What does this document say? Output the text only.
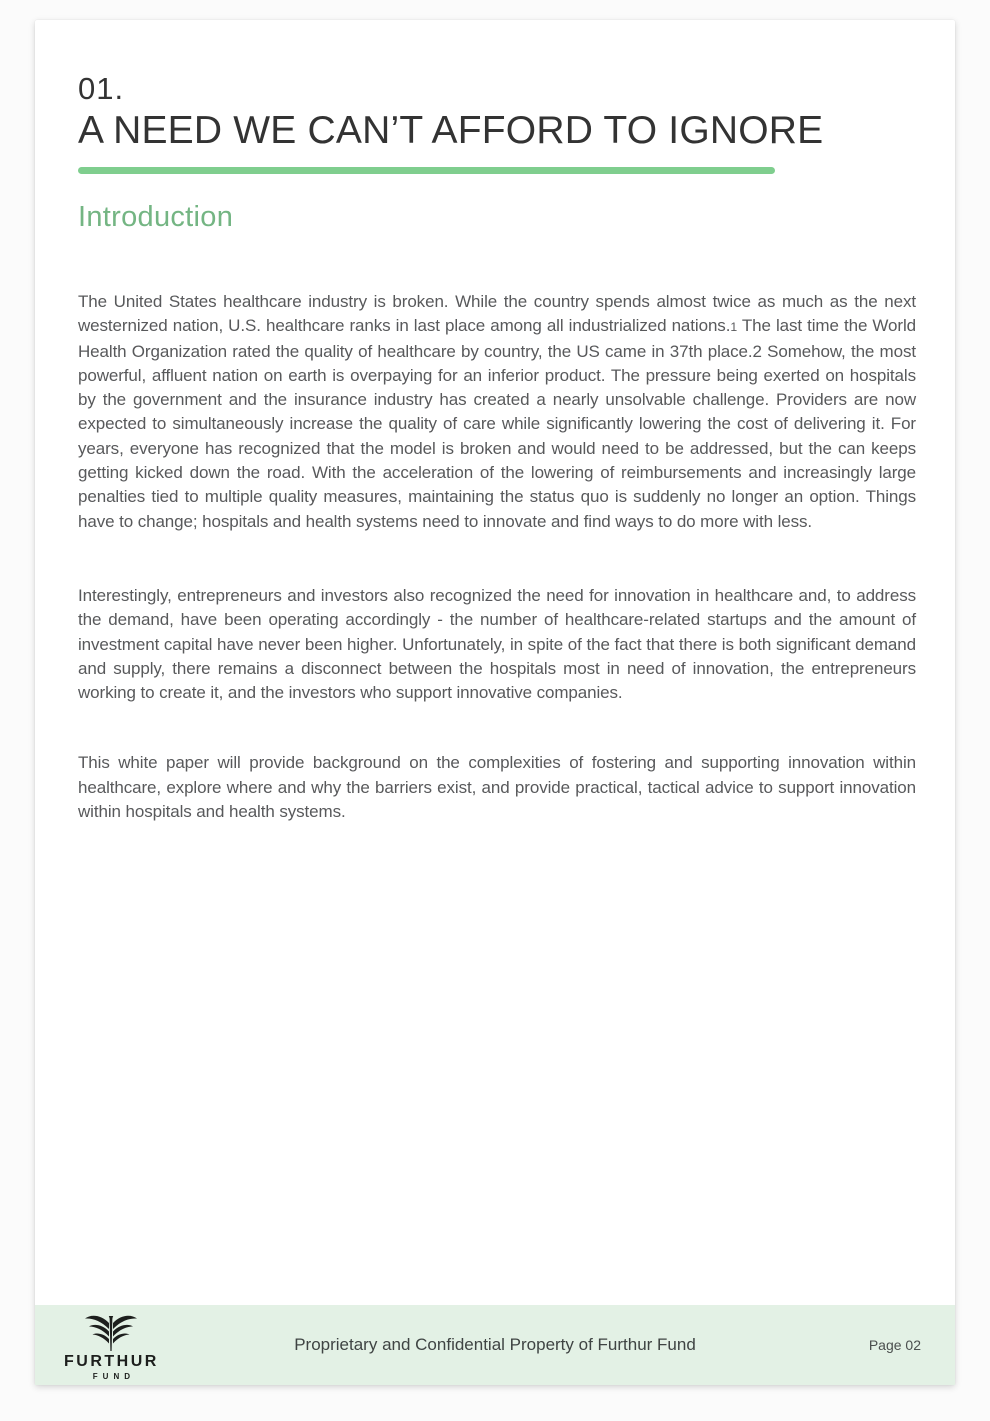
01.
A NEED WE CAN’T AFFORD TO IGNORE
Introduction

The United States healthcare industry is broken. While the country spends almost twice as much as the next westernized nation, U.S. healthcare ranks in last place among all industrialized nations.1 The last time the World Health Organization rated the quality of healthcare by country, the US came in 37th place.2 Somehow, the most powerful, affluent nation on earth is overpaying for an inferior product. The pressure being exerted on hospitals by the government and the insurance industry has created a nearly unsolvable challenge. Providers are now expected to simultaneously increase the quality of care while significantly lowering the cost of delivering it. For years, everyone has recognized that the model is broken and would need to be addressed, but the can keeps getting kicked down the road. With the acceleration of the lowering of reimbursements and increasingly large penalties tied to multiple quality measures, maintaining the status quo is suddenly no longer an option. Things have to change; hospitals and health systems need to innovate and find ways to do more with less.

Interestingly, entrepreneurs and investors also recognized the need for innovation in healthcare and, to address the demand, have been operating accordingly - the number of healthcare-related startups and the amount of investment capital have never been higher. Unfortunately, in spite of the fact that there is both significant demand and supply, there remains a disconnect between the hospitals most in need of innovation, the entrepreneurs working to create it, and the investors who support innovative companies.

This white paper will provide background on the complexities of fostering and supporting innovation within healthcare, explore where and why the barriers exist, and provide practical, tactical advice to support innovation within hospitals and health systems.

FURTHUR
FUND
Proprietary and Confidential Property of Furthur Fund	Page 02
